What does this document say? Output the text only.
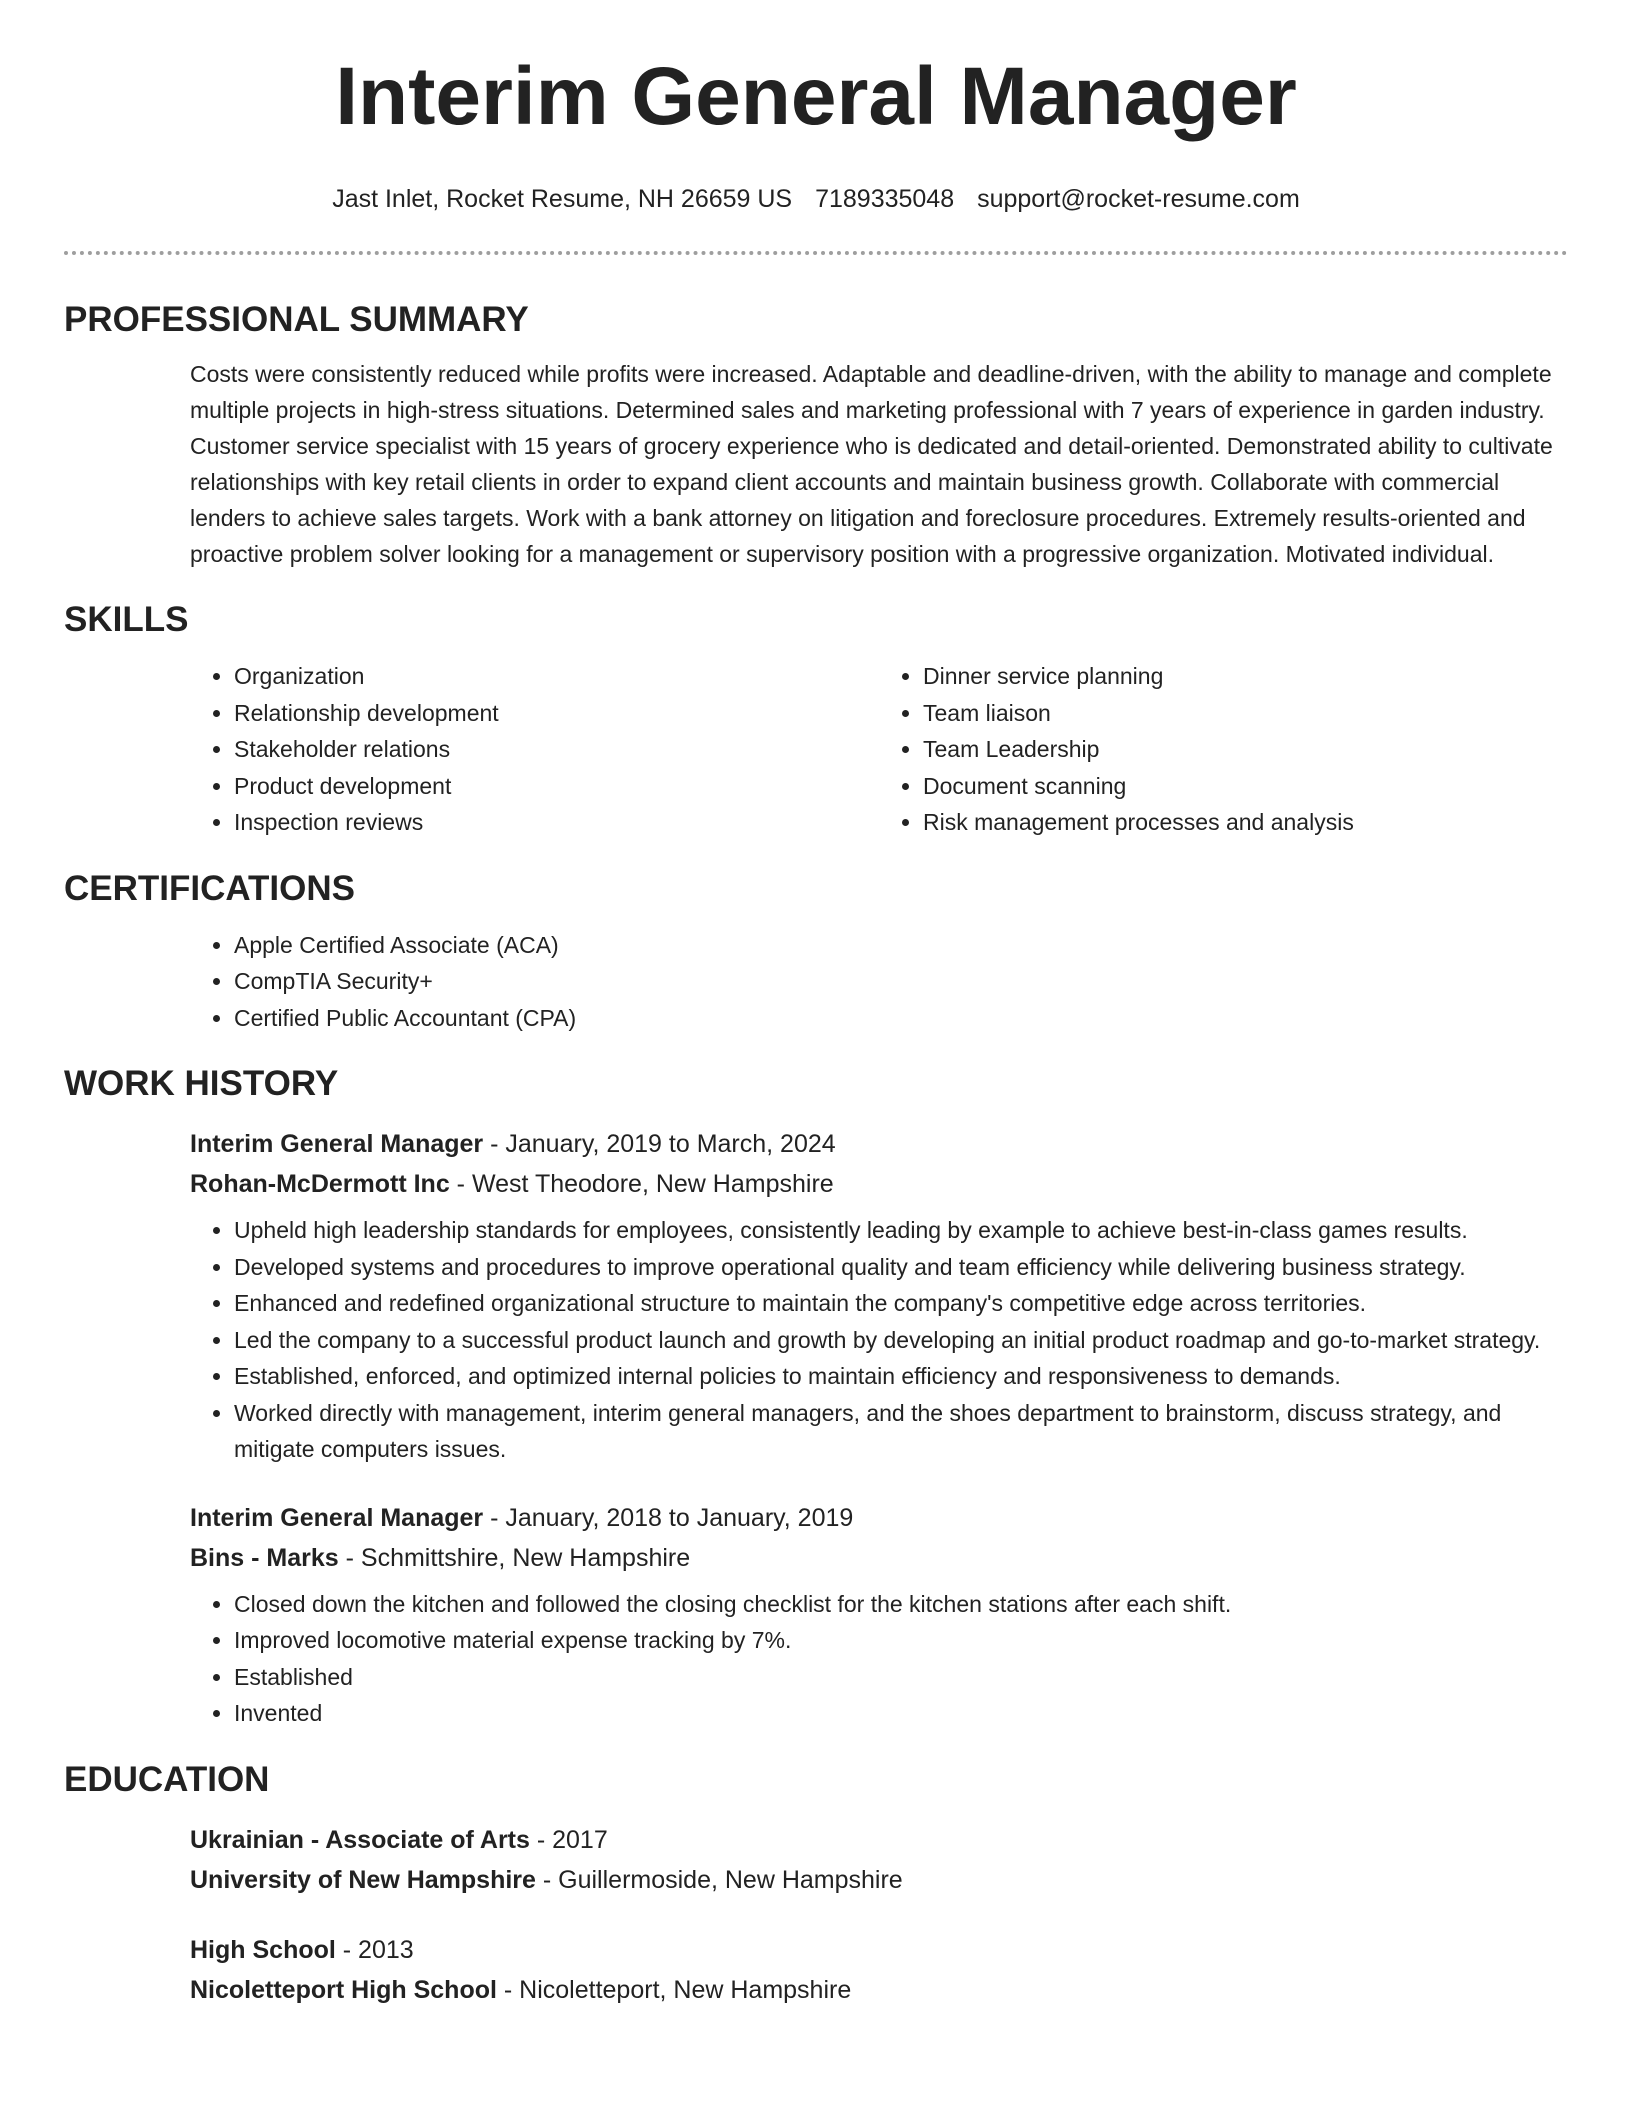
Interim General Manager
Jast Inlet, Rocket Resume, NH 26659 US 7189335048 support@rocket-resume.com
PROFESSIONAL SUMMARY

Costs were consistently reduced while profits were increased. Adaptable and deadline-driven, with the ability to manage and complete multiple projects in high-stress situations. Determined sales and marketing professional with 7 years of experience in garden industry. Customer service specialist with 15 years of grocery experience who is dedicated and detail-oriented. Demonstrated ability to cultivate relationships with key retail clients in order to expand client accounts and maintain business growth. Collaborate with commercial lenders to achieve sales targets. Work with a bank attorney on litigation and foreclosure procedures. Extremely results-oriented and proactive problem solver looking for a management or supervisory position with a progressive organization. Motivated individual.

SKILLS
• Organization
• Relationship development
• Stakeholder relations
• Product development
• Inspection reviews
• Dinner service planning
• Team liaison
• Team Leadership
• Document scanning
• Risk management processes and analysis
CERTIFICATIONS
• Apple Certified Associate (ACA)
• CompTIA Security+
• Certified Public Accountant (CPA)
WORK HISTORY
Interim General Manager - January, 2019 to March, 2024
Rohan-McDermott Inc - West Theodore, New Hampshire
• Upheld high leadership standards for employees, consistently leading by example to achieve best-in-class games results.
• Developed systems and procedures to improve operational quality and team efficiency while delivering business strategy.
• Enhanced and redefined organizational structure to maintain the company's competitive edge across territories.
• Led the company to a successful product launch and growth by developing an initial product roadmap and go-to-market strategy.
• Established, enforced, and optimized internal policies to maintain efficiency and responsiveness to demands.
• Worked directly with management, interim general managers, and the shoes department to brainstorm, discuss strategy, and mitigate computers issues.
Interim General Manager - January, 2018 to January, 2019
Bins - Marks - Schmittshire, New Hampshire
• Closed down the kitchen and followed the closing checklist for the kitchen stations after each shift.
• Improved locomotive material expense tracking by 7%.
• Established
• Invented
EDUCATION
Ukrainian - Associate of Arts - 2017
University of New Hampshire - Guillermoside, New Hampshire
High School - 2013
Nicoletteport High School - Nicoletteport, New Hampshire
